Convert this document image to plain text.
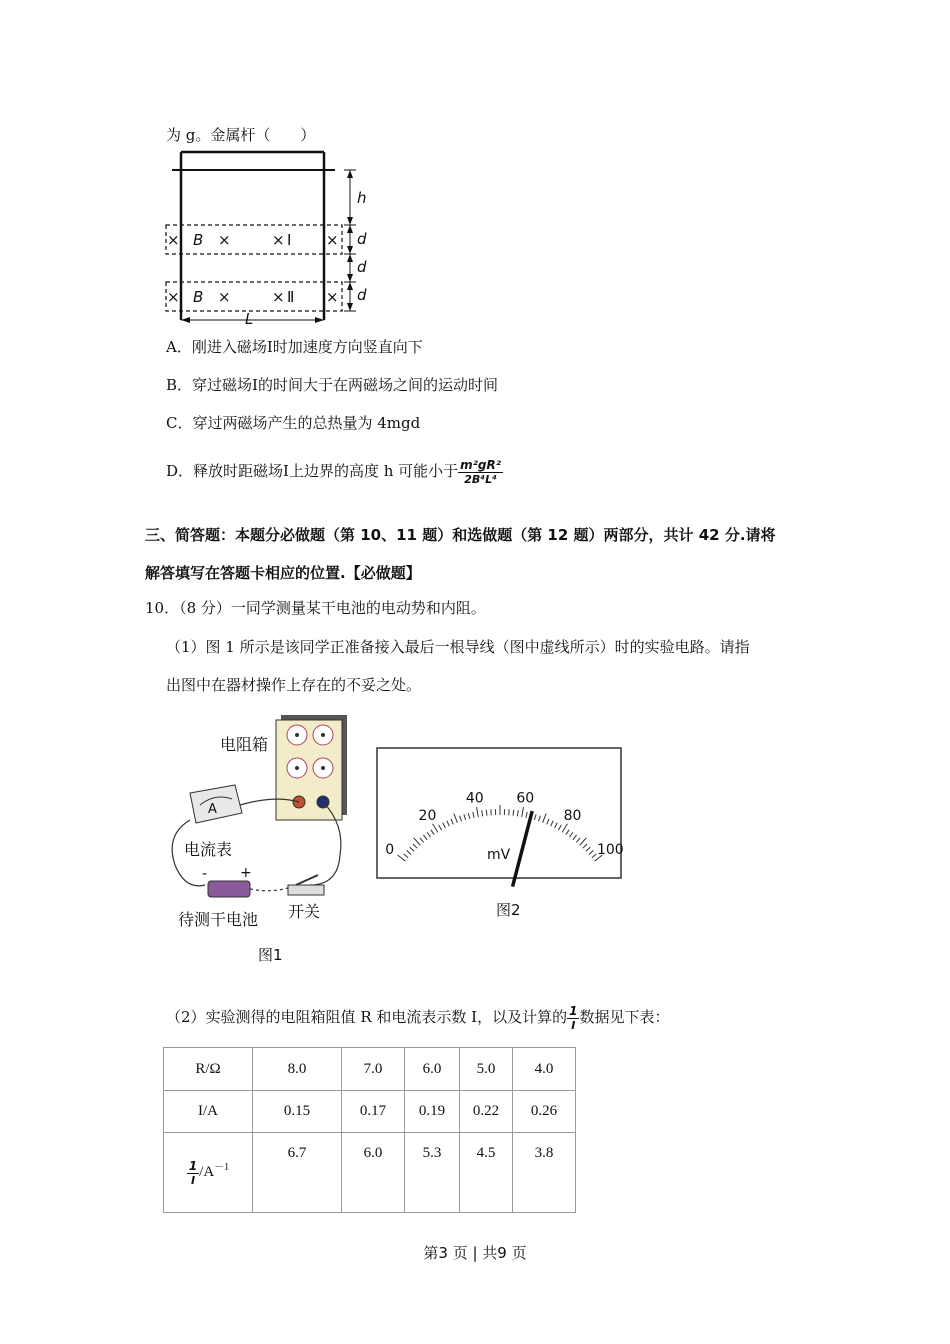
为 g。金属杆（　　）
h
d
d
d
×	×	×	×
×	×	×	×
B
B
Ⅰ
Ⅱ
L
A．刚进入磁场Ⅰ时加速度方向竖直向下
B．穿过磁场Ⅰ的时间大于在两磁场之间的运动时间
C．穿过两磁场产生的总热量为 4mgd
D．释放时距磁场Ⅰ上边界的高度 h 可能小于 $\frac{\text{m²gR²}}{\text{2B⁴L⁴}}$
三、简答题：本题分必做题（第 10、11 题）和选做题（第 12 题）两部分，共计 42 分.请将
解答填写在答题卡相应的位置.【必做题】
10．（8 分）一同学测量某干电池的电动势和内阻。
（1）图 1 所示是该同学正准备接入最后一根导线（图中虚线所示）时的实验电路。请指
出图中在器材操作上存在的不妥之处。
电阻箱
A
电流表
- +
待测干电池 开关
图1
0
20
40 60
80
100
mV
图2
（2）实验测得的电阻箱阻值 R 和电流表示数 I，以及计算的 $\frac{1}{I}$ 数据见下表：
R/Ω	8.0	7.0	6.0	5.0	4.0
I/A	0.15	0.17	0.19	0.22	0.26

$\frac{1}{I} /A^{-1}$	6.7	6.0	5.3	4.5	3.8
第3 页 | 共9 页
